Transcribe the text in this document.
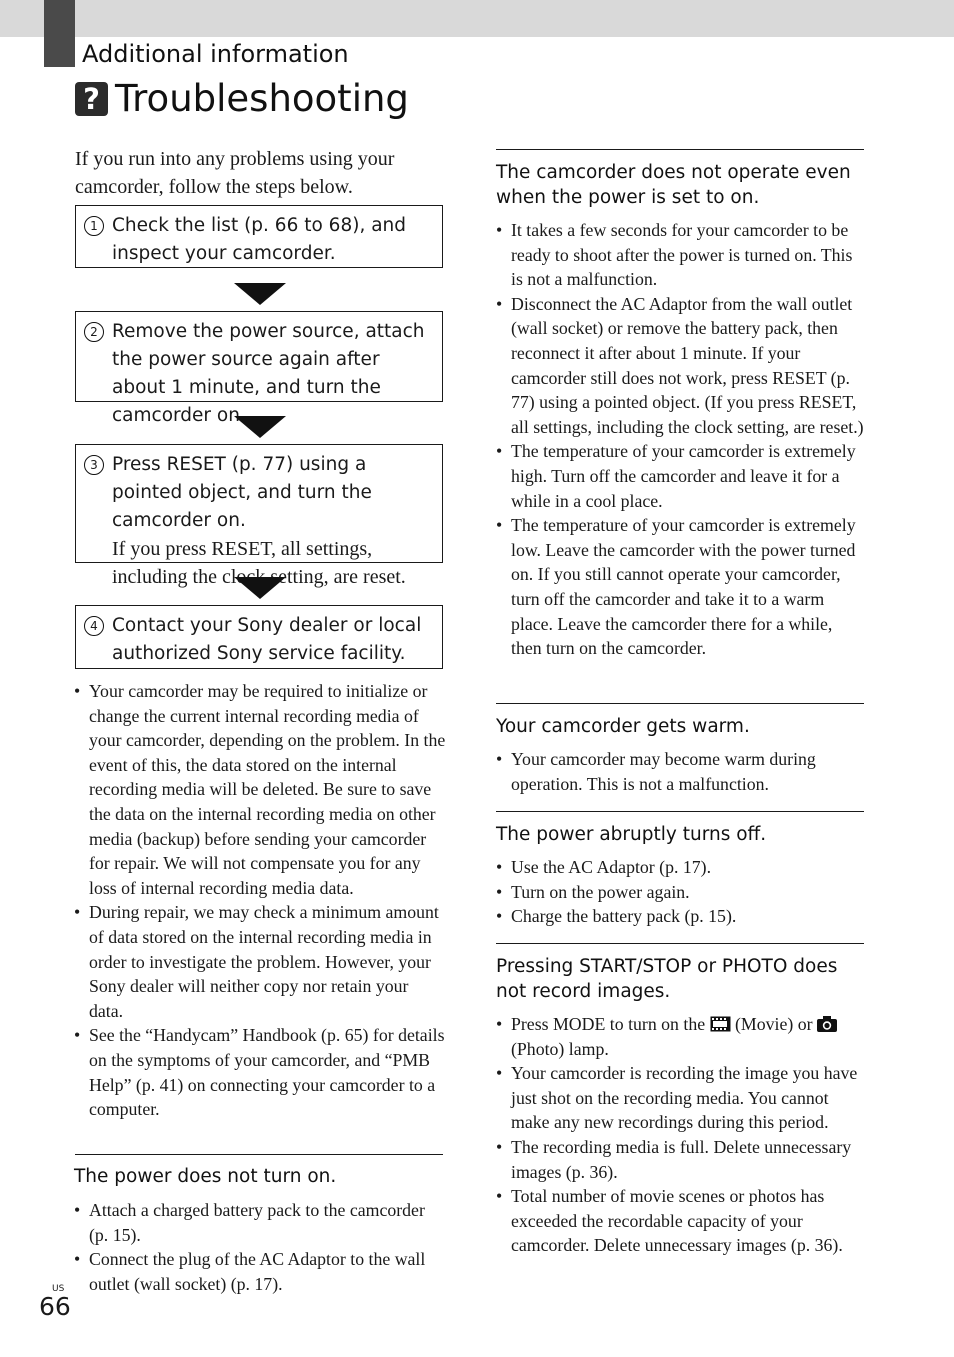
Additional information
? Troubleshooting
If you run into any problems using your camcorder, follow the steps below.
1 Check the list (p. 66 to 68), and inspect your camcorder.
2 Remove the power source, attach the power source again after about 1 minute, and turn the camcorder on.
3 Press RESET (p. 77) using a pointed object, and turn the camcorder on.
If you press RESET, all settings, including the clock setting, are reset.
4 Contact your Sony dealer or local authorized Sony service facility.
• Your camcorder may be required to initialize or change the current internal recording media of your camcorder, depending on the problem. In the event of this, the data stored on the internal recording media will be deleted. Be sure to save the data on the internal recording media on other media (backup) before sending your camcorder for repair. We will not compensate you for any loss of internal recording media data.
• During repair, we may check a minimum amount of data stored on the internal recording media in order to investigate the problem. However, your Sony dealer will neither copy nor retain your data.
• See the “Handycam” Handbook (p. 65) for details on the symptoms of your camcorder, and “PMB Help” (p. 41) on connecting your camcorder to a computer.
The power does not turn on.
• Attach a charged battery pack to the camcorder (p. 15).
• Connect the plug of the AC Adaptor to the wall outlet (wall socket) (p. 17).
The camcorder does not operate even when the power is set to on.
• It takes a few seconds for your camcorder to be ready to shoot after the power is turned on. This is not a malfunction.
• Disconnect the AC Adaptor from the wall outlet (wall socket) or remove the battery pack, then reconnect it after about 1 minute. If your camcorder still does not work, press RESET (p. 77) using a pointed object. (If you press RESET, all settings, including the clock setting, are reset.)
• The temperature of your camcorder is extremely high. Turn off the camcorder and leave it for a while in a cool place.
• The temperature of your camcorder is extremely low. Leave the camcorder with the power turned on. If you still cannot operate your camcorder, turn off the camcorder and take it to a warm place. Leave the camcorder there for a while, then turn on the camcorder.
Your camcorder gets warm.
• Your camcorder may become warm during operation. This is not a malfunction.
The power abruptly turns off.
• Use the AC Adaptor (p. 17).
• Turn on the power again.
• Charge the battery pack (p. 15).
Pressing START/STOP or PHOTO does not record images.
• Press MODE to turn on the (Movie) or  (Photo) lamp.
• Your camcorder is recording the image you have just shot on the recording media. You cannot make any new recordings during this period.
• The recording media is full. Delete unnecessary images (p. 36).
• Total number of movie scenes or photos has exceeded the recordable capacity of your camcorder. Delete unnecessary images (p. 36).
US
66
